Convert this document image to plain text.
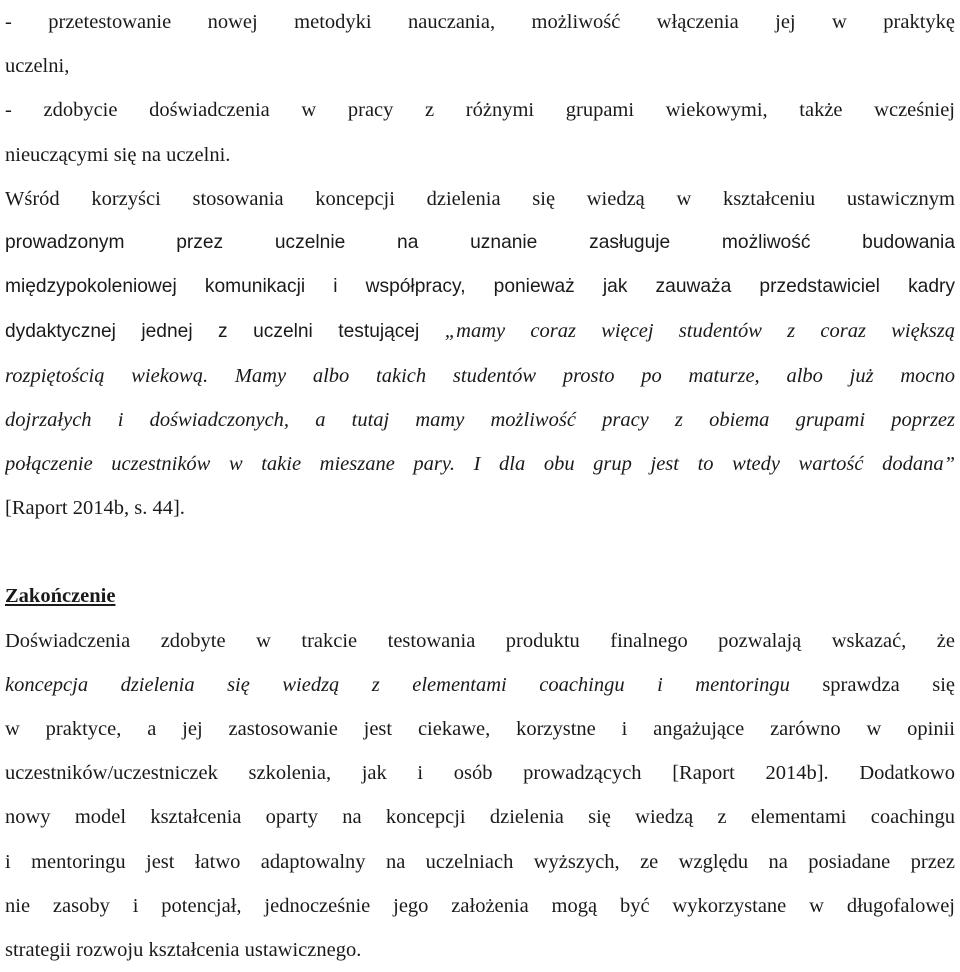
- przetestowanie nowej metodyki nauczania, możliwość włączenia jej w praktykę
uczelni,
- zdobycie doświadczenia w pracy z różnymi grupami wiekowymi, także wcześniej
nieuczącymi się na uczelni.
Wśród korzyści stosowania koncepcji dzielenia się wiedzą w kształceniu ustawicznym
prowadzonym przez uczelnie na uznanie zasługuje możliwość budowania
międzypokoleniowej komunikacji i współpracy, ponieważ jak zauważa przedstawiciel kadry
dydaktycznej jednej z uczelni testującej „mamy coraz więcej studentów z coraz większą
rozpiętością wiekową. Mamy albo takich studentów prosto po maturze, albo już mocno
dojrzałych i doświadczonych, a tutaj mamy możliwość pracy z obiema grupami poprzez
połączenie uczestników w takie mieszane pary. I dla obu grup jest to wtedy wartość dodana”
[Raport 2014b, s. 44].
Zakończenie
Doświadczenia zdobyte w trakcie testowania produktu finalnego pozwalają wskazać, że
koncepcja dzielenia się wiedzą z elementami coachingu i mentoringu sprawdza się
w praktyce, a jej zastosowanie jest ciekawe, korzystne i angażujące zarówno w opinii
uczestników/uczestniczek szkolenia, jak i osób prowadzących [Raport 2014b]. Dodatkowo
nowy model kształcenia oparty na koncepcji dzielenia się wiedzą z elementami coachingu
i mentoringu jest łatwo adaptowalny na uczelniach wyższych, ze względu na posiadane przez
nie zasoby i potencjał, jednocześnie jego założenia mogą być wykorzystane w długofalowej
strategii rozwoju kształcenia ustawicznego.
